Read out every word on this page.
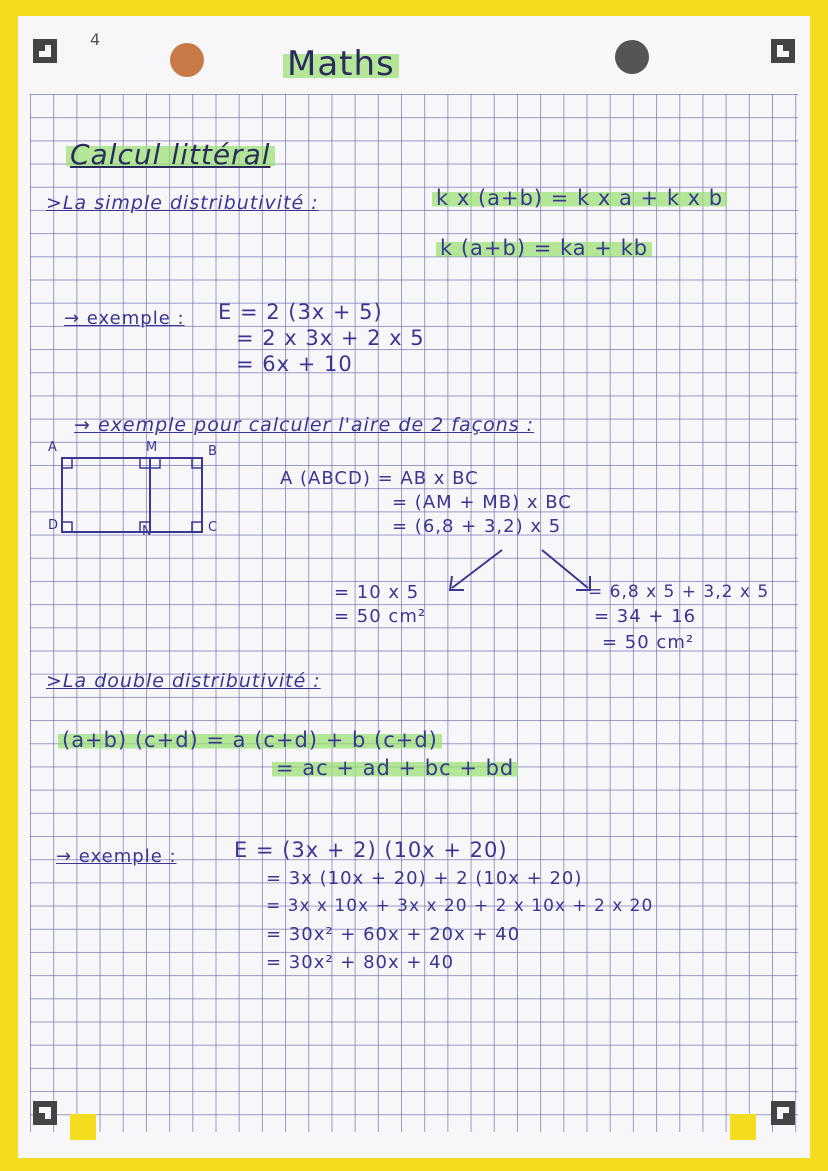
4
Maths
Calcul littéral
>La simple distributivité :	k x (a+b) = k x a + k x b
k (a+b) = ka + kb
→ exemple : E = 2 (3x + 5)
= 2 x 3x + 2 x 5
= 6x + 10
→ exemple pour calculer l'aire de 2 façons :
A	M	B
D	N	C
A (ABCD) = AB x BC
= (AM + MB) x BC
= (6,8 + 3,2) x 5
= 10 x 5
= 50 cm²
= 6,8 x 5 + 3,2 x 5
= 34 + 16
= 50 cm²
>La double distributivité :
(a+b) (c+d) = a (c+d) + b (c+d)
= ac + ad + bc + bd
→ exemple :	E = (3x + 2) (10x + 20)
= 3x (10x + 20) + 2 (10x + 20)
= 3x x 10x + 3x x 20 + 2 x 10x + 2 x 20
= 30x² + 60x + 20x + 40
= 30x² + 80x + 40
